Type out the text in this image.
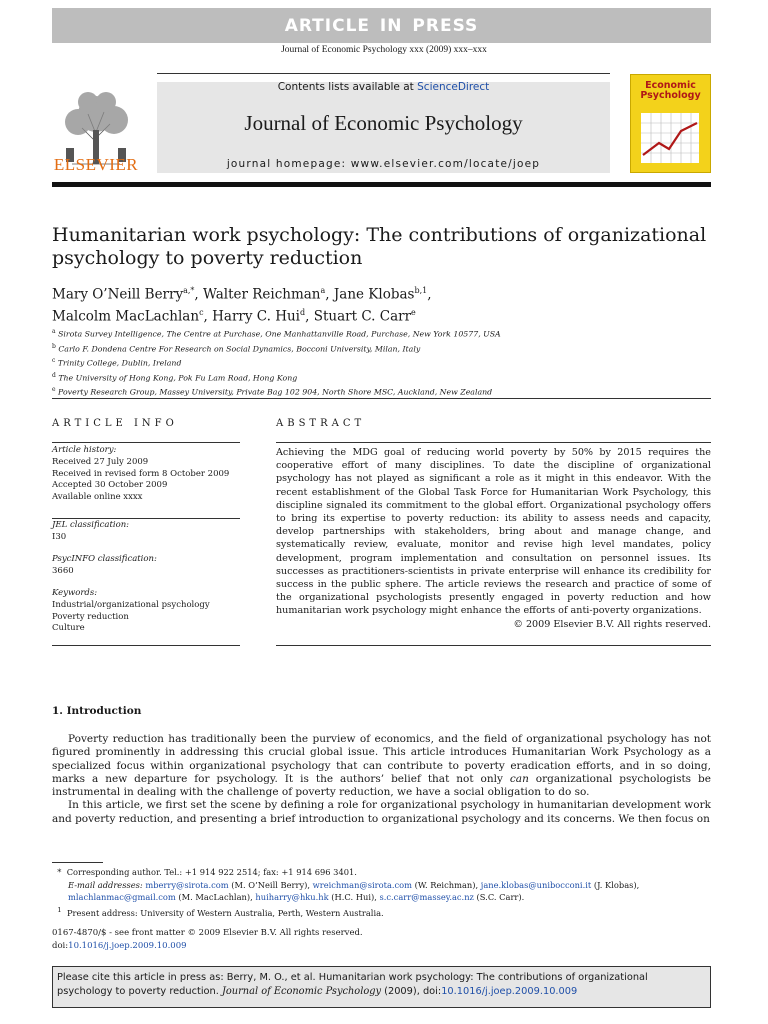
ARTICLE IN PRESS
Journal of Economic Psychology xxx (2009) xxx–xxx
ELSEVIER
Contents lists available at ScienceDirect
Journal of Economic Psychology
journal homepage: www.elsevier.com/locate/joep
Economic
Psychology
Humanitarian work psychology: The contributions of organizational
psychology to poverty reduction
Mary O’Neill Berry$^{a,*}$, Walter Reichman$^a$, Jane Klobas$^{b,1}$,
Malcolm MacLachlan$^c$, Harry C. Hui$^d$, Stuart C. Carr$^e$
$^a$ Sirota Survey Intelligence, The Centre at Purchase, One Manhattanville Road, Purchase, New York 10577, USA
$^b$ Carlo F. Dondena Centre For Research on Social Dynamics, Bocconi University, Milan, Italy
$^c$ Trinity College, Dublin, Ireland
$^d$ The University of Hong Kong, Pok Fu Lam Road, Hong Kong
$^e$ Poverty Research Group, Massey University, Private Bag 102 904, North Shore MSC, Auckland, New Zealand
ARTICLE INFO	ABSTRACT
Article history:
Received 27 July 2009
Received in revised form 8 October 2009
Accepted 30 October 2009
Available online xxxx
JEL classification:
I30
PsycINFO classification:
3660
Keywords:
Industrial/organizational psychology
Poverty reduction
Culture
Achieving the MDG goal of reducing world poverty by 50% by 2015 requires the cooperative effort of many disciplines. To date the discipline of organizational psychology has not played as significant a role as it might in this endeavor. With the recent establishment of the Global Task Force for Humanitarian Work Psychology, this discipline signaled its commitment to the global effort. Organizational psychology offers to bring its expertise to poverty reduction: its ability to assess needs and capacity, develop partnerships with stakeholders, bring about and manage change, and systematically review, evaluate, monitor and revise high level mandates, policy development, program implementation and consultation on personnel issues. Its successes as practitioners-scientists in private enterprise will enhance its credibility for success in the public sphere. The article reviews the research and practice of some of the organizational psychologists presently engaged in poverty reduction and how humanitarian work psychology might enhance the efforts of anti-poverty organizations.
© 2009 Elsevier B.V. All rights reserved.
1. Introduction

Poverty reduction has traditionally been the purview of economics, and the field of organizational psychology has not figured prominently in addressing this crucial global issue. This article introduces Humanitarian Work Psychology as a specialized focus within organizational psychology that can contribute to poverty eradication efforts, and in so doing, marks a new departure for psychology. It is the authors’ belief that not only can organizational psychologists be instrumental in dealing with the challenge of poverty reduction, we have a social obligation to do so.

In this article, we first set the scene by defining a role for organizational psychology in humanitarian development work and poverty reduction, and presenting a brief introduction to organizational psychology and its concerns. We then focus on

*  Corresponding author. Tel.: +1 914 922 2514; fax: +1 914 696 3401.
E-mail addresses: mberry@sirota.com (M. O’Neill Berry), wreichman@sirota.com (W. Reichman), jane.klobas@unibocconi.it (J. Klobas), mlachlanmac@gmail.com (M. MacLachlan), huiharry@hku.hk (H.C. Hui), s.c.carr@massey.ac.nz (S.C. Carr).
$^1$ Present address: University of Western Australia, Perth, Western Australia.
0167-4870/$ - see front matter © 2009 Elsevier B.V. All rights reserved.
doi:10.1016/j.joep.2009.10.009
Please cite this article in press as: Berry, M. O., et al. Humanitarian work psychology: The contributions of organizational psychology to poverty reduction. Journal of Economic Psychology (2009), doi:10.1016/j.joep.2009.10.009
